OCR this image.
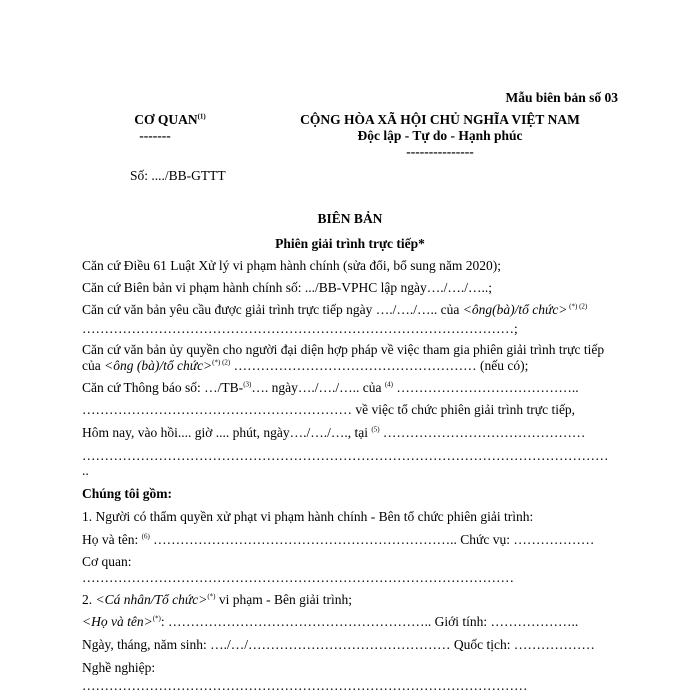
Mẫu biên bản số 03
CƠ QUAN$^{(1)}$
-------
CỘNG HÒA XÃ HỘI CHỦ NGHĨA VIỆT NAM
Độc lập - Tự do - Hạnh phúc
---------------
Số: ..../BB-GTTT
BIÊN BẢN
Phiên giải trình trực tiếp*
Căn cứ Điều 61 Luật Xử lý vi phạm hành chính (sửa đổi, bổ sung năm 2020);
Căn cứ Biên bản vi phạm hành chính số: .../BB-VPHC lập ngày…./…./…..;
Căn cứ văn bản yêu cầu được giải trình trực tiếp ngày …./…./….. của <ông(bà)/tổ chức> $^{(*) (2)}$
……………………………………………………………………………………;
Căn cứ văn bản ủy quyền cho người đại diện hợp pháp về việc tham gia phiên giải trình trực tiếp
của <ông (bà)/tổ chức>$^{(*) (2)}$ ……………………………………………… (nếu có);
Căn cứ Thông báo số: …/TB-$^{(3)}$…. ngày…./…./….. của $^{(4)}$ …………………………………..
…………………………………………………… về việc tổ chức phiên giải trình trực tiếp,
Hôm nay, vào hồi.... giờ .... phút, ngày…./…./…., tại $^{(5)}$ ………………………………………
………………………………………………………………………………………………………
..
Chúng tôi gồm:
1. Người có thẩm quyền xử phạt vi phạm hành chính - Bên tổ chức phiên giải trình:
Họ và tên: $^{(6)}$ ………………………………………………………….. Chức vụ: ………………
Cơ quan:
……………………………………………………………………………………
2. <Cá nhân/Tổ chức>(*) vi phạm - Bên giải trình;
<Họ và tên>(*): ………………………………………………….. Giới tính: ………………..
Ngày, tháng, năm sinh: …./…/……………………………………… Quốc tịch: ………………
Nghề nghiệp:
………………………………………………………………………………………
